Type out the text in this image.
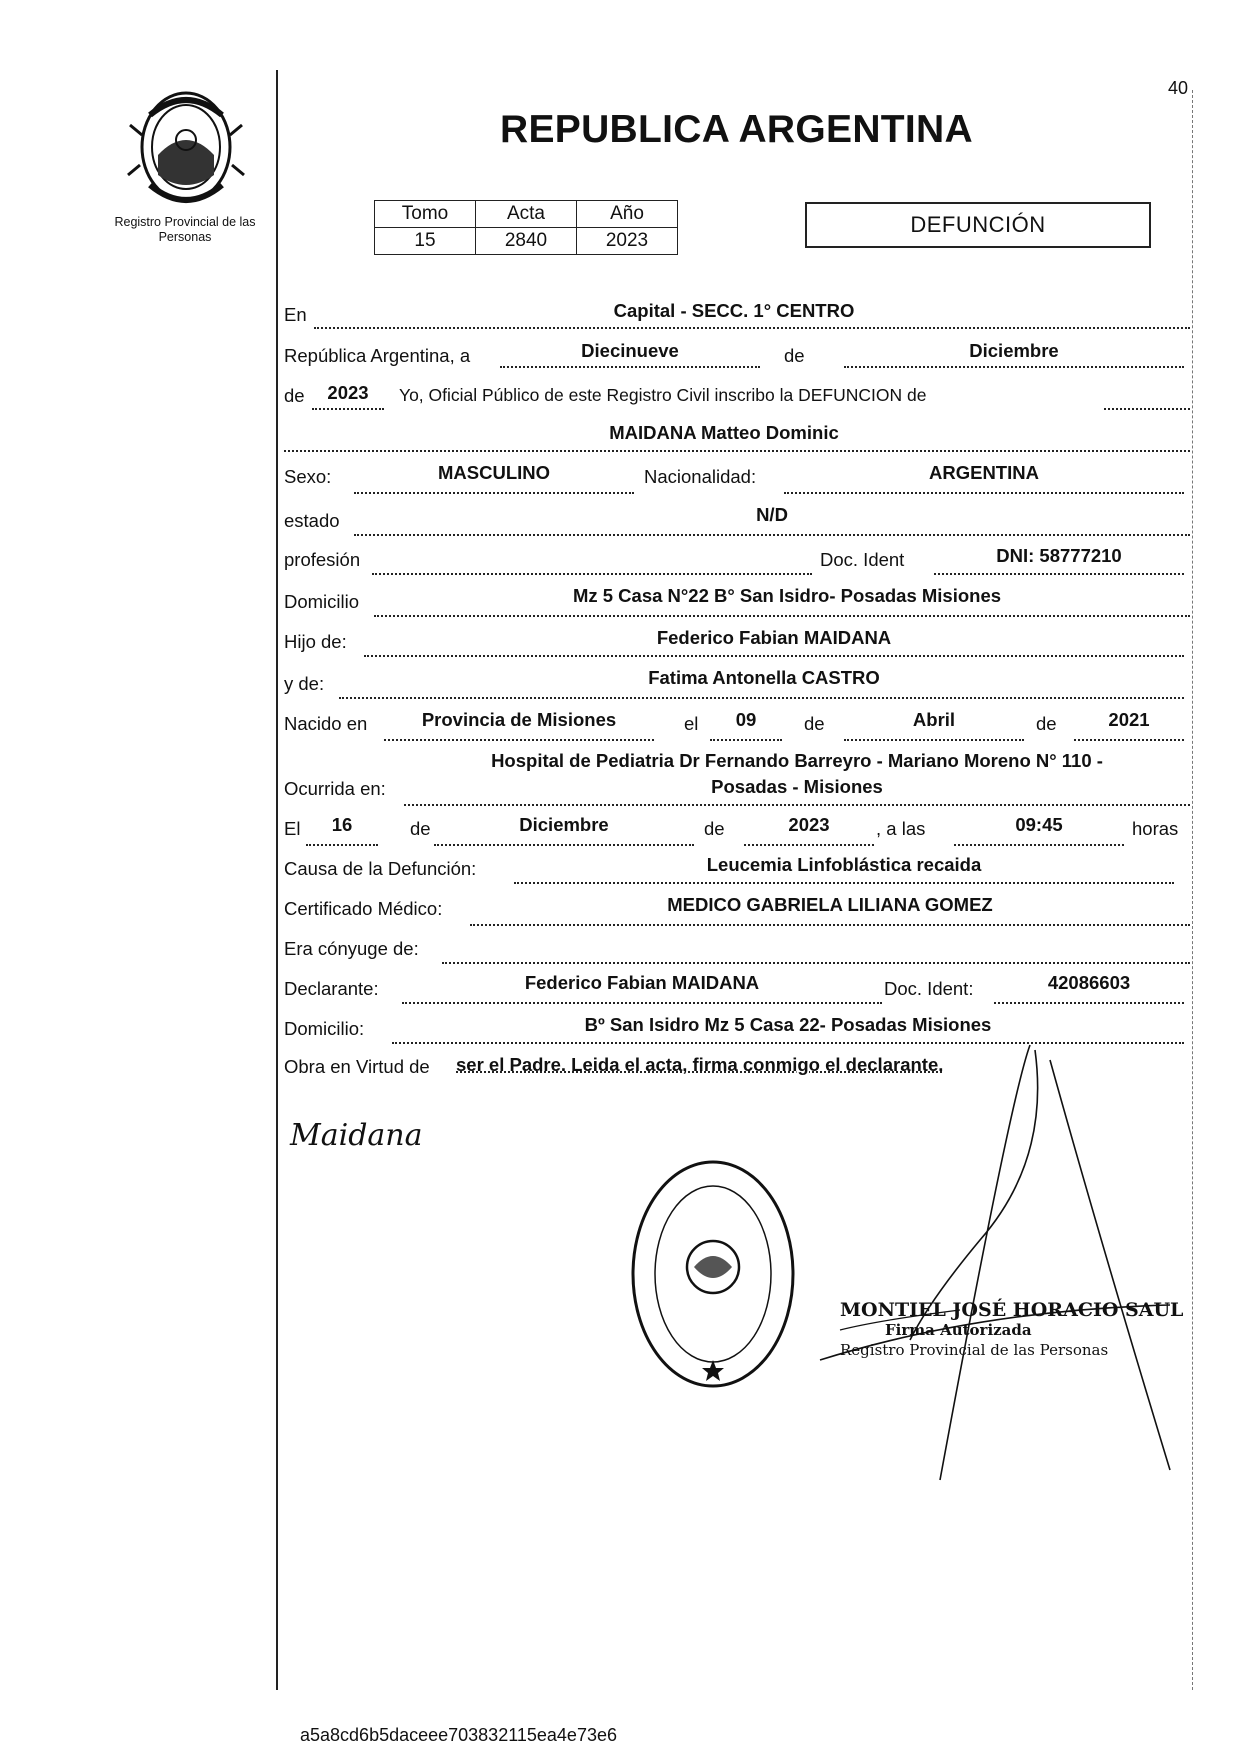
40
Registro Provincial de las Personas
REPUBLICA ARGENTINA
Tomo	Acta	Año
15	2840	2023
DEFUNCIÓN
En	Capital - SECC. 1° CENTRO
República Argentina, a	Diecinueve	de	Diciembre
de	2023	Yo, Oficial Público de este Registro Civil inscribo la DEFUNCION de
MAIDANA Matteo Dominic
Sexo:	MASCULINO	Nacionalidad:	ARGENTINA
estado	N/D
profesión	Doc. Ident	DNI: 58777210
Domicilio	Mz 5 Casa N°22 B° San Isidro- Posadas Misiones
Hijo de:	Federico Fabian MAIDANA
y de:	Fatima Antonella CASTRO
Nacido en	Provincia de Misiones	el	09	de	Abril	de	2021
Ocurrida en:
Hospital de Pediatria Dr Fernando Barreyro - Mariano Moreno N° 110 -
Posadas - Misiones
El	16	de	Diciembre	de	2023	, a las	09:45	horas
Causa de la Defunción:	Leucemia Linfoblástica recaida
Certificado Médico:	MEDICO GABRIELA LILIANA GOMEZ
Era cónyuge de:
Declarante:	Federico Fabian MAIDANA	Doc. Ident:	42086603
Domicilio:	Bº San Isidro Mz 5 Casa 22- Posadas Misiones
Obra en Virtud de ser el Padre. Leida el acta, firma conmigo el declarante.
Maidana
MONTIEL JOSÉ HORACIO SAUL
Firma Autorizada
Registro Provincial de las Personas
a5a8cd6b5daceee703832115ea4e73e6
